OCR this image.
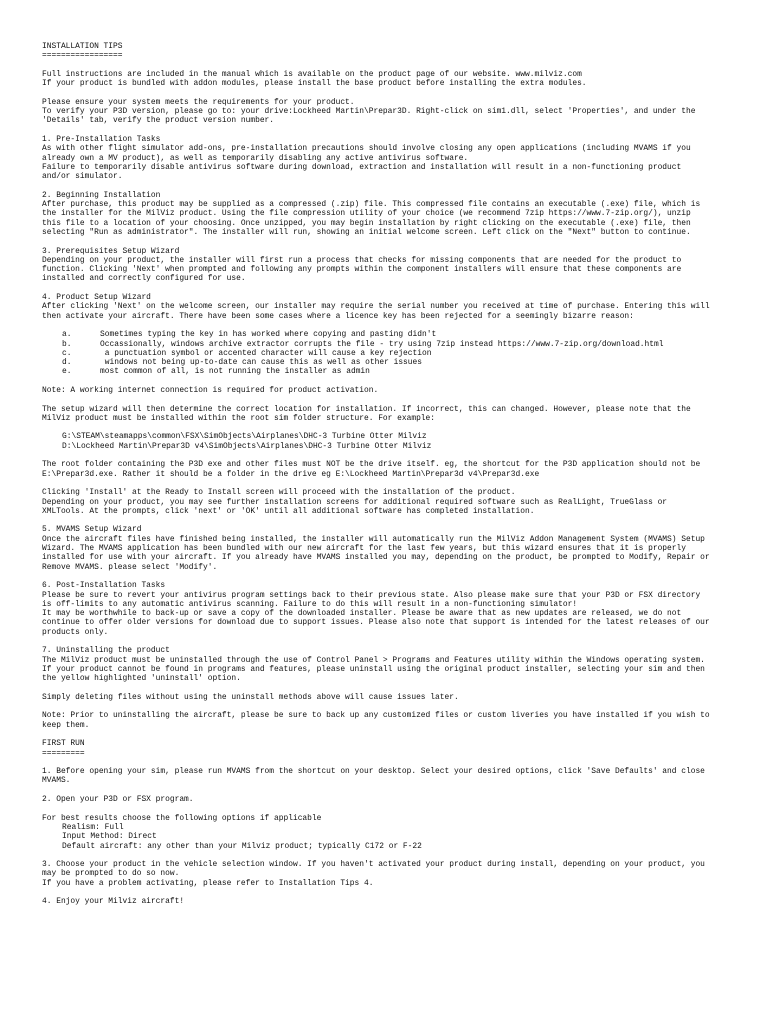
INSTALLATION TIPS
=================
Full instructions are included in the manual which is available on the product page of our website. www.milviz.com
If your product is bundled with addon modules, please install the base product before installing the extra modules.
Please ensure your system meets the requirements for your product.
To verify your P3D version, please go to: your drive:Lockheed Martin\Prepar3D. Right-click on sim1.dll, select 'Properties', and under the
'Details' tab, verify the product version number.
1. Pre-Installation Tasks
As with other flight simulator add-ons, pre-installation precautions should involve closing any open applications (including MVAMS if you
already own a MV product), as well as temporarily disabling any active antivirus software.
Failure to temporarily disable antivirus software during download, extraction and installation will result in a non-functioning product
and/or simulator.
2. Beginning Installation
After purchase, this product may be supplied as a compressed (.zip) file. This compressed file contains an executable (.exe) file, which is
the installer for the MilViz product. Using the file compression utility of your choice (we recommend 7zip https://www.7-zip.org/), unzip
this file to a location of your choosing. Once unzipped, you may begin installation by right clicking on the executable (.exe) file, then
selecting "Run as administrator". The installer will run, showing an initial welcome screen. Left click on the "Next" button to continue.
3. Prerequisites Setup Wizard
Depending on your product, the installer will first run a process that checks for missing components that are needed for the product to
function. Clicking 'Next' when prompted and following any prompts within the component installers will ensure that these components are
installed and correctly configured for use.
4. Product Setup Wizard
After clicking 'Next' on the welcome screen, our installer may require the serial number you received at time of purchase. Entering this will
then activate your aircraft. There have been some cases where a licence key has been rejected for a seemingly bizarre reason:
a.	Sometimes typing the key in has worked where copying and pasting didn't
b.	Occassionally, windows archive extractor corrupts the file - try using 7zip instead https://www.7-zip.org/download.html
c.	a punctuation symbol or accented character will cause a key rejection
d.	windows not being up-to-date can cause this as well as other issues
e.	most common of all, is not running the installer as admin
Note: A working internet connection is required for product activation.
The setup wizard will then determine the correct location for installation. If incorrect, this can changed. However, please note that the
MilViz product must be installed within the root sim folder structure. For example:
G:\STEAM\steamapps\common\FSX\SimObjects\Airplanes\DHC-3 Turbine Otter Milviz
D:\Lockheed Martin\Prepar3D v4\SimObjects\Airplanes\DHC-3 Turbine Otter Milviz
The root folder containing the P3D exe and other files must NOT be the drive itself. eg, the shortcut for the P3D application should not be
E:\Prepar3d.exe. Rather it should be a folder in the drive eg E:\Lockheed Martin\Prepar3d v4\Prepar3d.exe
Clicking 'Install' at the Ready to Install screen will proceed with the installation of the product.
Depending on your product, you may see further installation screens for additional required software such as RealLight, TrueGlass or
XMLTools. At the prompts, click 'next' or 'OK' until all additional software has completed installation.
5. MVAMS Setup Wizard
Once the aircraft files have finished being installed, the installer will automatically run the MilViz Addon Management System (MVAMS) Setup
Wizard. The MVAMS application has been bundled with our new aircraft for the last few years, but this wizard ensures that it is properly
installed for use with your aircraft. If you already have MVAMS installed you may, depending on the product, be prompted to Modify, Repair or
Remove MVAMS. please select 'Modify'.
6. Post-Installation Tasks
Please be sure to revert your antivirus program settings back to their previous state. Also please make sure that your P3D or FSX directory
is off-limits to any automatic antivirus scanning. Failure to do this will result in a non-functioning simulator!
It may be worthwhile to back-up or save a copy of the downloaded installer. Please be aware that as new updates are released, we do not
continue to offer older versions for download due to support issues. Please also note that support is intended for the latest releases of our
products only.
7. Uninstalling the product
The MilViz product must be uninstalled through the use of Control Panel > Programs and Features utility within the Windows operating system.
If your product cannot be found in programs and features, please uninstall using the original product installer, selecting your sim and then
the yellow highlighted 'uninstall' option.
Simply deleting files without using the uninstall methods above will cause issues later.
Note: Prior to uninstalling the aircraft, please be sure to back up any customized files or custom liveries you have installed if you wish to
keep them.
FIRST RUN
=========
1. Before opening your sim, please run MVAMS from the shortcut on your desktop. Select your desired options, click 'Save Defaults' and close
MVAMS.
2. Open your P3D or FSX program.
For best results choose the following options if applicable
Realism: Full
Input Method: Direct
Default aircraft: any other than your Milviz product; typically C172 or F-22
3. Choose your product in the vehicle selection window. If you haven't activated your product during install, depending on your product, you
may be prompted to do so now.
If you have a problem activating, please refer to Installation Tips 4.
4. Enjoy your Milviz aircraft!
